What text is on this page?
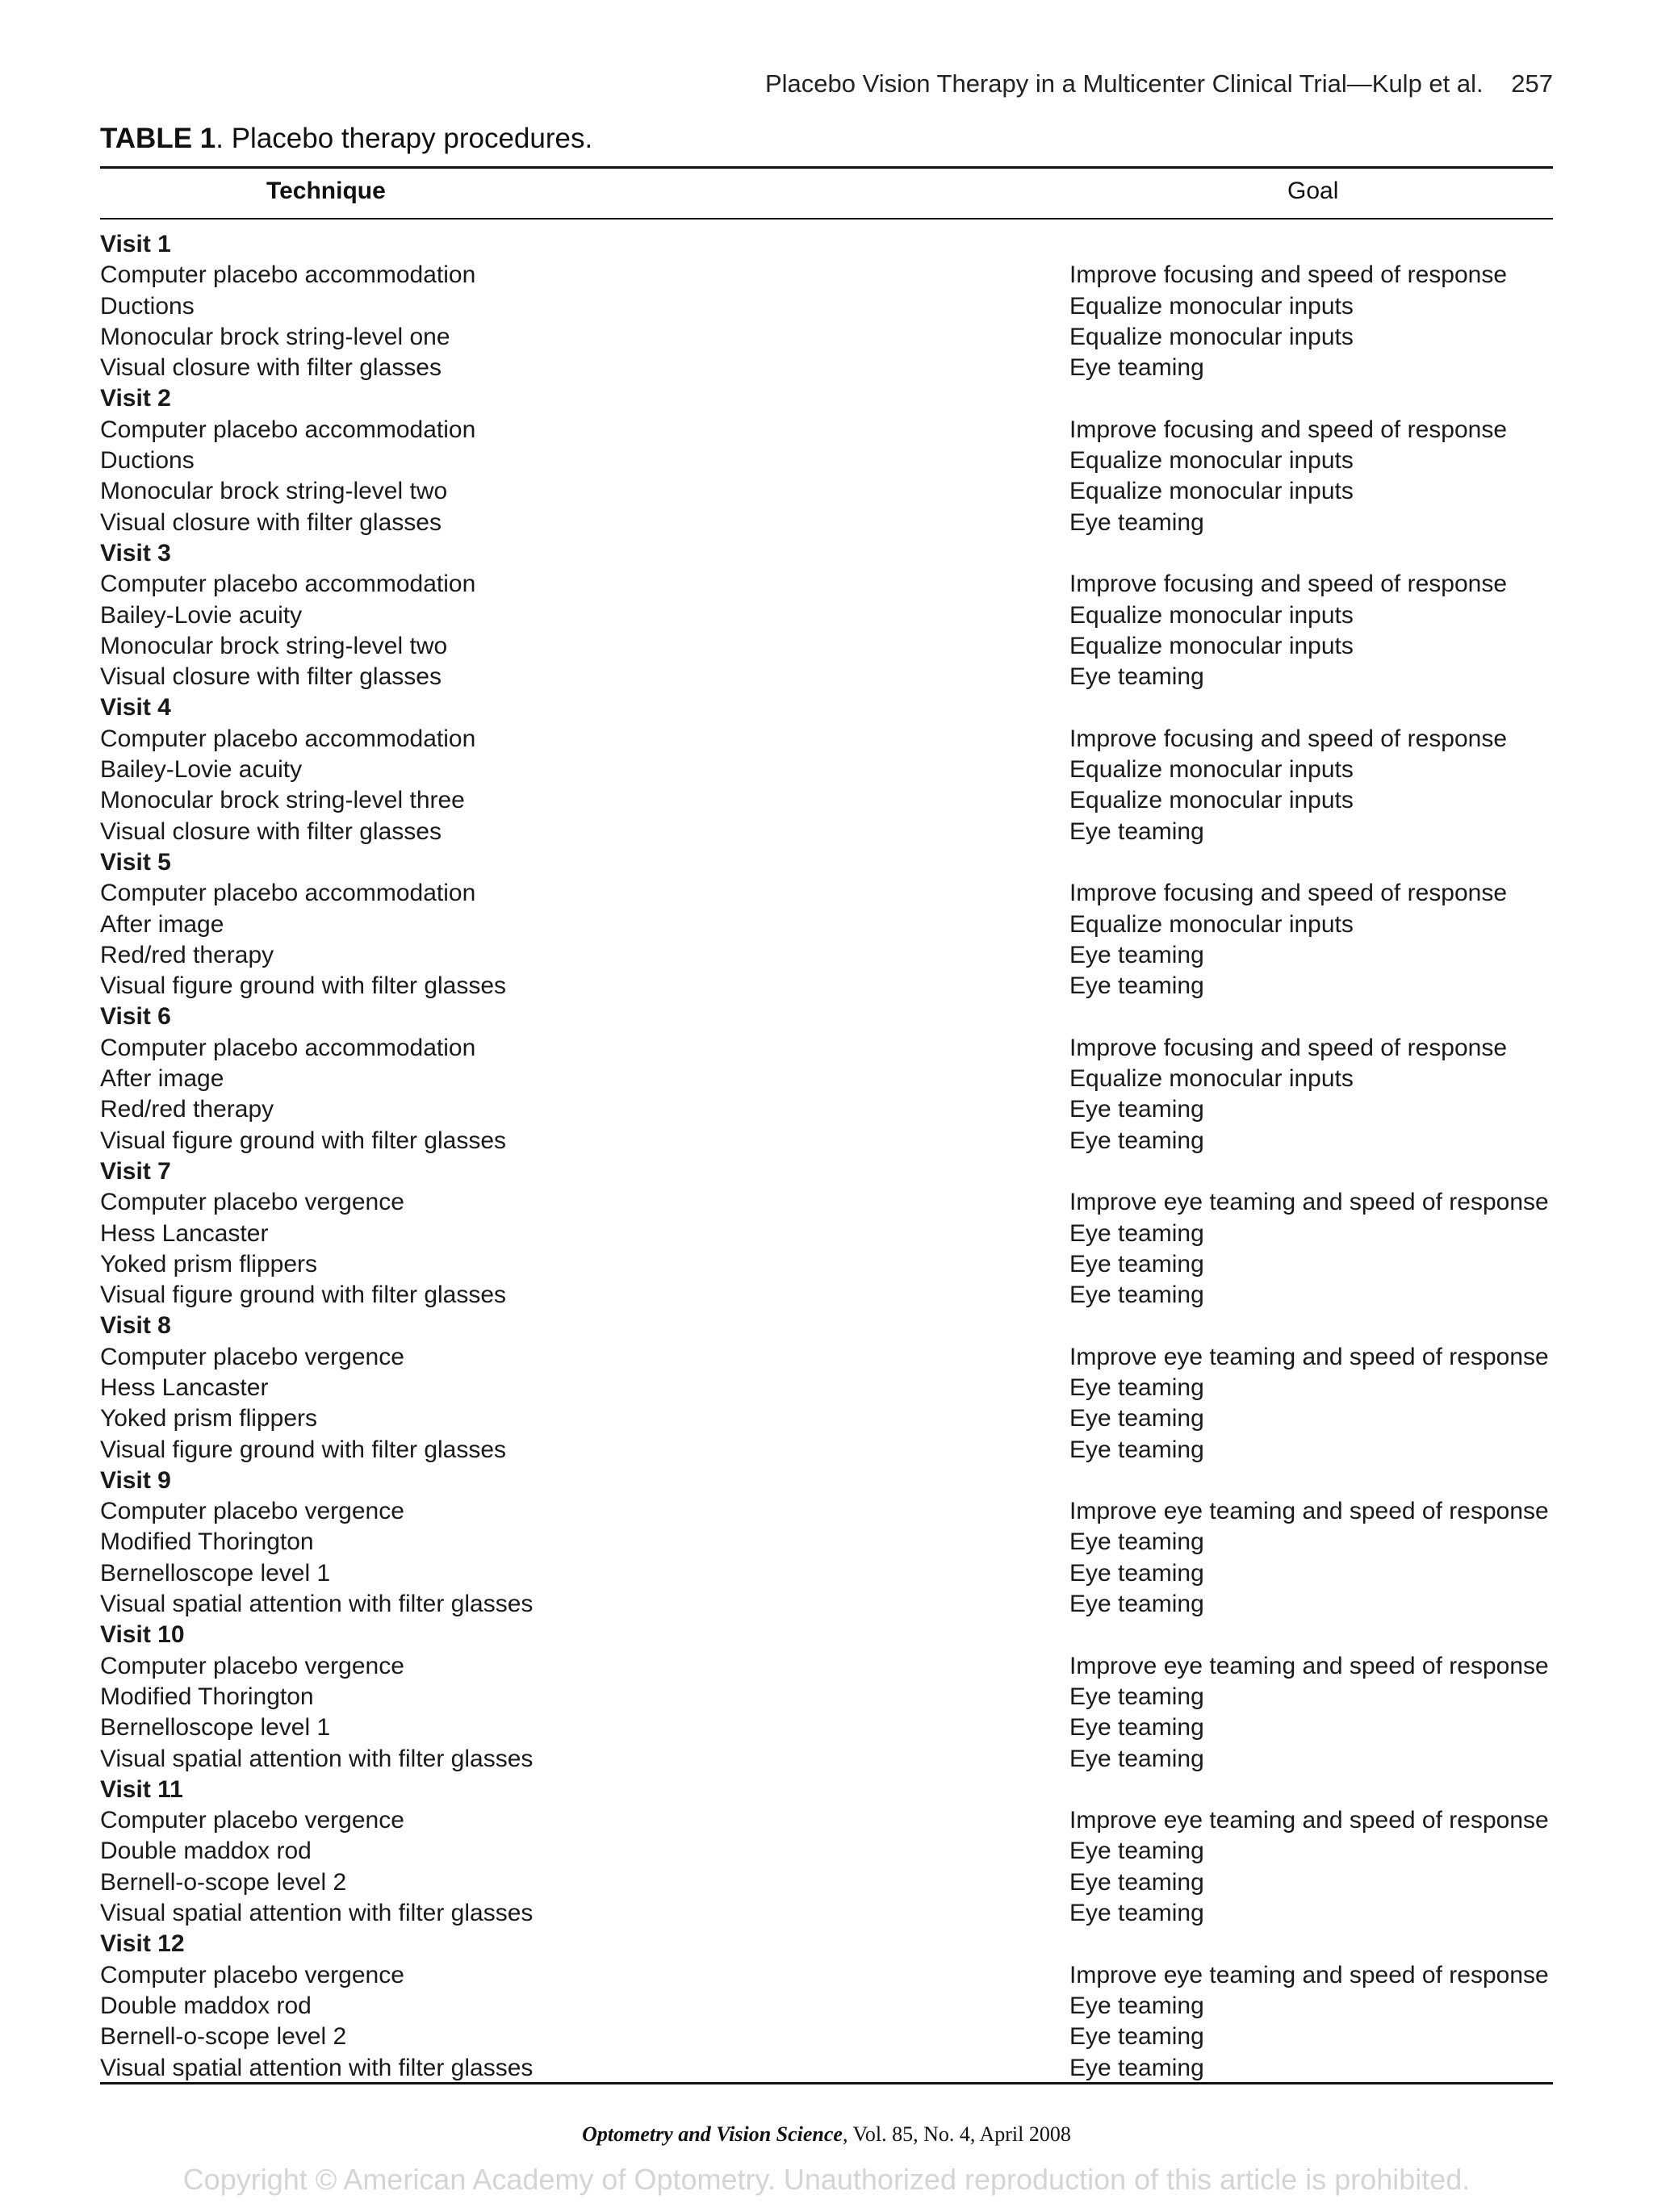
Placebo Vision Therapy in a Multicenter Clinical Trial—Kulp et al. 257
TABLE 1. Placebo therapy procedures.
Technique	Goal
Visit 1
Computer placebo accommodation	Improve focusing and speed of response
Ductions	Equalize monocular inputs
Monocular brock string-level one	Equalize monocular inputs
Visual closure with filter glasses	Eye teaming
Visit 2
Computer placebo accommodation	Improve focusing and speed of response
Ductions	Equalize monocular inputs
Monocular brock string-level two	Equalize monocular inputs
Visual closure with filter glasses	Eye teaming
Visit 3
Computer placebo accommodation	Improve focusing and speed of response
Bailey-Lovie acuity	Equalize monocular inputs
Monocular brock string-level two	Equalize monocular inputs
Visual closure with filter glasses	Eye teaming
Visit 4
Computer placebo accommodation	Improve focusing and speed of response
Bailey-Lovie acuity	Equalize monocular inputs
Monocular brock string-level three	Equalize monocular inputs
Visual closure with filter glasses	Eye teaming
Visit 5
Computer placebo accommodation	Improve focusing and speed of response
After image	Equalize monocular inputs
Red/red therapy	Eye teaming
Visual figure ground with filter glasses	Eye teaming
Visit 6
Computer placebo accommodation	Improve focusing and speed of response
After image	Equalize monocular inputs
Red/red therapy	Eye teaming
Visual figure ground with filter glasses	Eye teaming
Visit 7
Computer placebo vergence	Improve eye teaming and speed of response
Hess Lancaster	Eye teaming
Yoked prism flippers	Eye teaming
Visual figure ground with filter glasses	Eye teaming
Visit 8
Computer placebo vergence	Improve eye teaming and speed of response
Hess Lancaster	Eye teaming
Yoked prism flippers	Eye teaming
Visual figure ground with filter glasses	Eye teaming
Visit 9
Computer placebo vergence	Improve eye teaming and speed of response
Modified Thorington	Eye teaming
Bernelloscope level 1	Eye teaming
Visual spatial attention with filter glasses	Eye teaming
Visit 10
Computer placebo vergence	Improve eye teaming and speed of response
Modified Thorington	Eye teaming
Bernelloscope level 1	Eye teaming
Visual spatial attention with filter glasses	Eye teaming
Visit 11
Computer placebo vergence	Improve eye teaming and speed of response
Double maddox rod	Eye teaming
Bernell-o-scope level 2	Eye teaming
Visual spatial attention with filter glasses	Eye teaming
Visit 12
Computer placebo vergence	Improve eye teaming and speed of response
Double maddox rod	Eye teaming
Bernell-o-scope level 2	Eye teaming
Visual spatial attention with filter glasses	Eye teaming
Optometry and Vision Science, Vol. 85, No. 4, April 2008
Copyright © American Academy of Optometry. Unauthorized reproduction of this article is prohibited.
